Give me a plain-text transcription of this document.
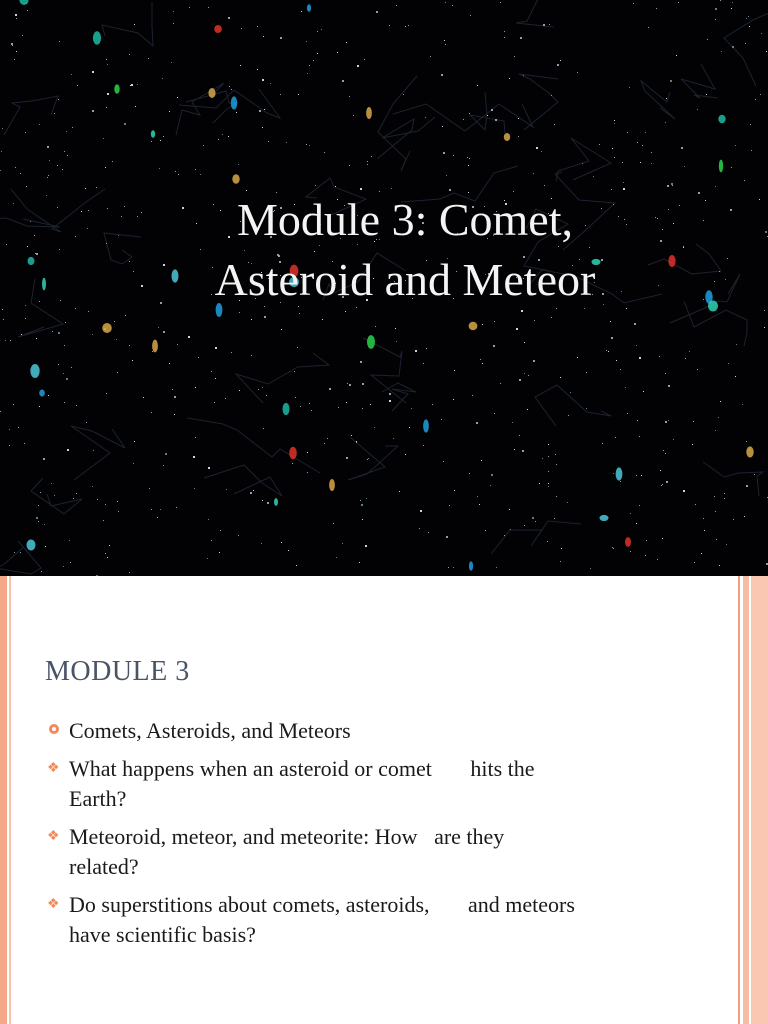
Module 3: Comet,
Asteroid and Meteor
MODULE 3
Comets, Asteroids, and Meteors
❖ What happens when an asteroid or comet       hits the
Earth?
❖ Meteoroid, meteor, and meteorite: How   are they
related?
❖ Do superstitions about comets, asteroids,       and meteors
have scientific basis?
